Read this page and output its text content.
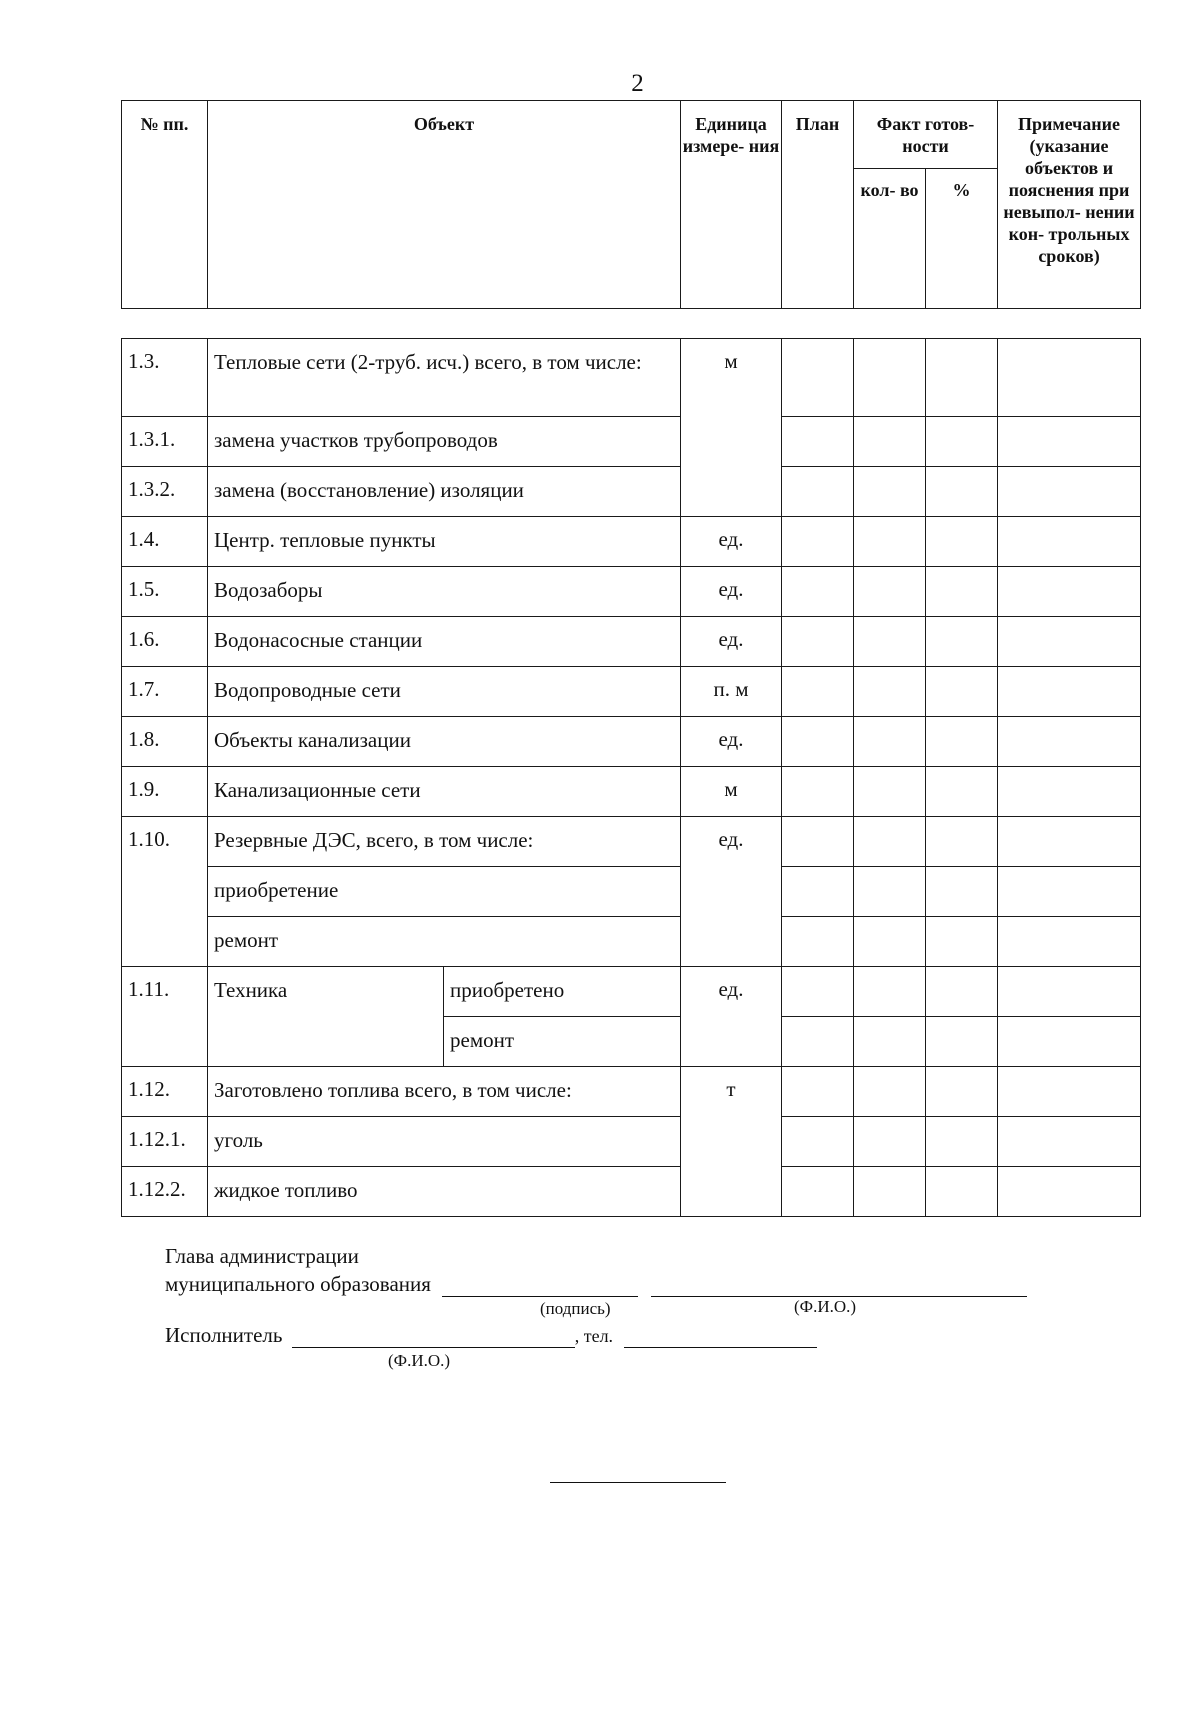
2
№ пп.	Объект	Единица измере- ния	План	Факт готов- ности		Примечание (указание объектов и пояснения при невыпол- нении кон- трольных сроков)
				кол- во	%	
1.3.	Тепловые сети (2-труб. исч.) всего, в том числе:		м				
1.3.1.	замена участков трубопроводов						
1.3.2.	замена (восстановление) изоляции						
1.4.	Центр. тепловые пункты		ед.				
1.5.	Водозаборы		ед.				
1.6.	Водонасосные станции		ед.				
1.7.	Водопроводные сети		п. м				
1.8.	Объекты канализации		ед.				
1.9.	Канализационные сети		м				
1.10.	Резервные ДЭС, всего, в том числе:		ед.				
	приобретение						
	ремонт						
1.11.	Техника	приобретено	ед.				
		ремонт					
1.12.	Заготовлено топлива всего, в том числе:		т				
1.12.1.	уголь						
1.12.2.	жидкое топливо						
Глава администрации
муниципального образования
(подпись)	(Ф.И.О.)
Исполнитель	, тел.
(Ф.И.О.)
